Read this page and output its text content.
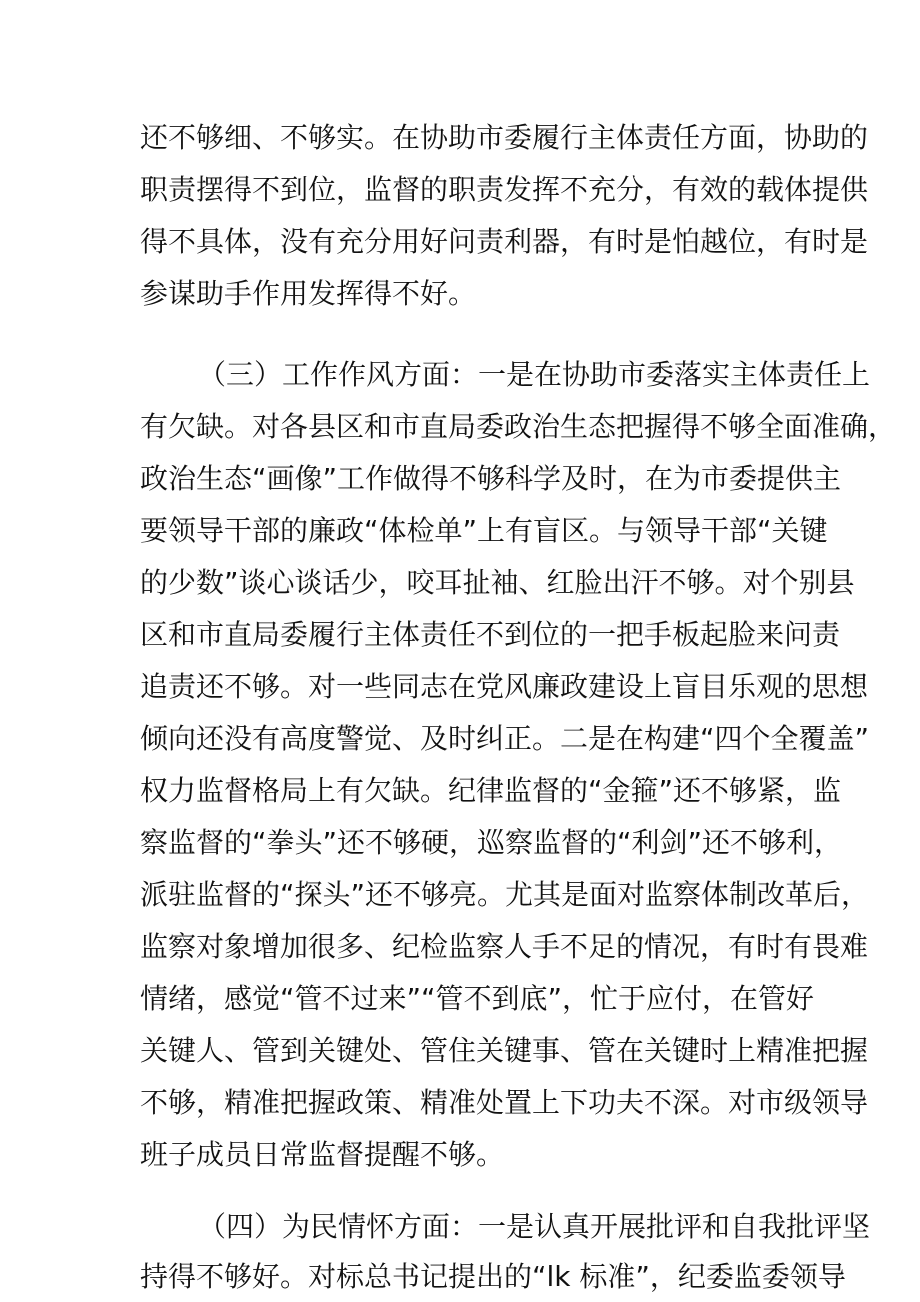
还不够细、不够实。在协助市委履行主体责任方面，协助的
职责摆得不到位，监督的职责发挥不充分，有效的载体提供
得不具体，没有充分用好问责利器，有时是怕越位，有时是
参谋助手作用发挥得不好。
（三）工作作风方面：一是在协助市委落实主体责任上
有欠缺。对各县区和市直局委政治生态把握得不够全面准确，
政治生态“画像”工作做得不够科学及时，在为市委提供主
要领导干部的廉政“体检单”上有盲区。与领导干部“关键
的少数”谈心谈话少，咬耳扯袖、红脸出汗不够。对个别县
区和市直局委履行主体责任不到位的一把手板起脸来问责
追责还不够。对一些同志在党风廉政建设上盲目乐观的思想
倾向还没有高度警觉、及时纠正。二是在构建“四个全覆盖”
权力监督格局上有欠缺。纪律监督的“金箍”还不够紧，监
察监督的“拳头”还不够硬，巡察监督的“利剑”还不够利，
派驻监督的“探头”还不够亮。尤其是面对监察体制改革后，
监察对象增加很多、纪检监察人手不足的情况，有时有畏难
情绪，感觉“管不过来”“管不到底”，忙于应付，在管好
关键人、管到关键处、管住关键事、管在关键时上精准把握
不够，精准把握政策、精准处置上下功夫不深。对市级领导
班子成员日常监督提醒不够。
（四）为民情怀方面：一是认真开展批评和自我批评坚
持得不够好。对标总书记提出的“lk 标准”，纪委监委领导
